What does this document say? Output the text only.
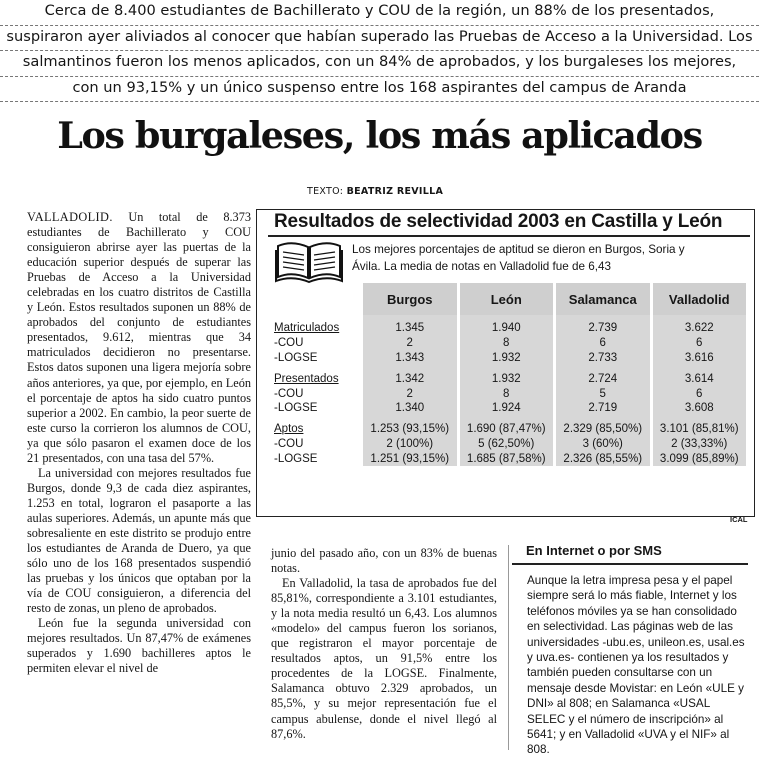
Cerca de 8.400 estudiantes de Bachillerato y COU de la región, un 88% de los presentados,
suspiraron ayer aliviados al conocer que habían superado las Pruebas de Acceso a la Universidad. Los
salmantinos fueron los menos aplicados, con un 84% de aprobados, y los burgaleses los mejores,
con un 93,15% y un único suspenso entre los 168 aspirantes del campus de Aranda
Los burgaleses, los más aplicados
TEXTO: BEATRIZ REVILLA

VALLADOLID. Un total de 8.373 estudiantes de Bachillerato y COU consiguieron abrirse ayer las puertas de la educación superior después de superar las Pruebas de Acceso a la Universidad celebradas en los cuatro distritos de Castilla y León. Estos resultados suponen un 88% de aprobados del conjunto de estudiantes presentados, 9.612, mientras que 34 matriculados decidieron no presentarse. Estos datos suponen una ligera mejoría sobre años anteriores, ya que, por ejemplo, en León el porcentaje de aptos ha sido cuatro puntos superior a 2002. En cambio, la peor suerte de este curso la corrieron los alumnos de COU, ya que sólo pasaron el examen doce de los 21 presentados, con una tasa del 57%.

La universidad con mejores resultados fue Burgos, donde 9,3 de cada diez aspirantes, 1.253 en total, lograron el pasaporte a las aulas superiores. Además, un apunte más que sobresaliente en este distrito se produjo entre los estudiantes de Aranda de Duero, ya que sólo uno de los 168 presentados suspendió las pruebas y los únicos que optaban por la vía de COU consiguieron, a diferencia del resto de zonas, un pleno de aprobados.

León fue la segunda universidad con mejores resultados. Un 87,47% de exámenes superados y 1.690 bachilleres aptos le permiten elevar el nivel de

junio del pasado año, con un 83% de buenas notas.

En Valladolid, la tasa de aprobados fue del 85,81%, correspondiente a 3.101 estudiantes, y la nota media resultó un 6,43. Los alumnos «modelo» del campus fueron los sorianos, que registraron el mayor porcentaje de resultados aptos, un 91,5% entre los procedentes de la LOGSE. Finalmente, Salamanca obtuvo 2.329 aprobados, un 85,5%, y su mejor representación fue el campus abulense, donde el nivel llegó al 87,6%.

Resultados de selectividad 2003 en Castilla y León
Los mejores porcentajes de aptitud se dieron en Burgos, Soria y Ávila. La media de notas en Valladolid fue de 6,43
	Burgos	León	Salamanca	Valladolid

Matriculados	1.345	1.940	2.739	3.622
-COU	2	8	6	6
-LOGSE	1.343	1.932	2.733	3.616

Presentados	1.342	1.932	2.724	3.614
-COU	2	8	5	6
-LOGSE	1.340	1.924	2.719	3.608

Aptos	1.253 (93,15%)	1.690 (87,47%)	2.329 (85,50%)	3.101 (85,81%)
-COU	2 (100%)	5 (62,50%)	3 (60%)	2 (33,33%)
-LOGSE	1.251 (93,15%)	1.685 (87,58%)	2.326 (85,55%)	3.099 (85,89%)
ICAL
En Internet o por SMS
Aunque la letra impresa pesa y el papel siempre será lo más fiable, Internet y los teléfonos móviles ya se han consolidado en selectividad. Las páginas web de las universidades -ubu.es, unileon.es, usal.es y uva.es- contienen ya los resultados y también pueden consultarse con un mensaje desde Movistar: en León «ULE y DNI» al 808; en Salamanca «USAL SELEC y el número de inscripción» al 5641; y en Valladolid «UVA y el NIF» al 808.
